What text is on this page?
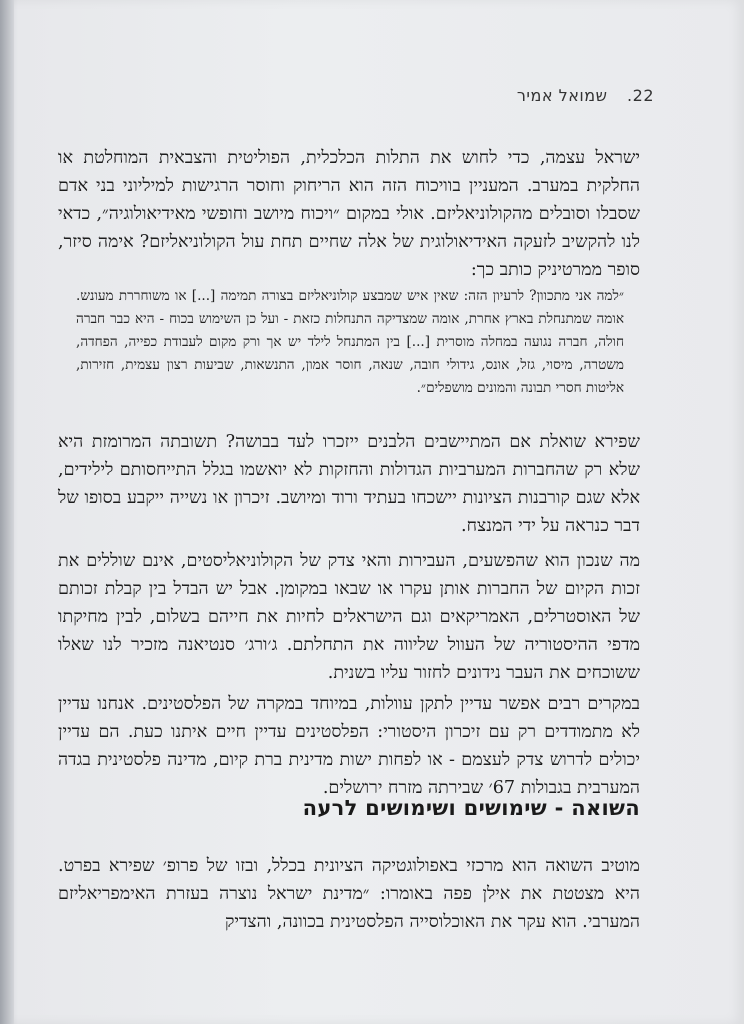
22. שמואל אמיר

ישראל עצמה, כדי לחוש את התלות הכלכלית, הפוליטית והצבאית המוחלטת או החלקית במערב. המעניין בוויכוח הזה הוא הריחוק וחוסר הרגישות למיליוני בני אדם שסבלו וסובלים מהקולוניאליזם. אולי במקום ״ויכוח מיושב וחופשי מאידיאולוגיה״, כדאי לנו להקשיב לזעקה האידיאולוגית של אלה שחיים תחת עול הקולוניאליזם? אימה סיזר, סופר ממרטיניק כותב כך:

״למה אני מתכוון? לרעיון הזה: שאין איש שמבצע קולוניאליזם בצורה תמימה [...] או משוחררת מעונש. אומה שמתנחלת בארץ אחרת, אומה שמצדיקה התנחלות כזאת - ועל כן השימוש בכוח - היא כבר חברה חולה, חברה נגועה במחלה מוסרית [...] בין המתנחל לילד יש אך ורק מקום לעבודת כפייה, הפחדה, משטרה, מיסוי, גזל, אונס, גידולי חובה, שנאה, חוסר אמון, התנשאות, שביעות רצון עצמית, חזירות, אליטות חסרי תבונה והמונים מושפלים״.

שפירא שואלת אם המתיישבים הלבנים ייזכרו לעד בבושה? תשובתה המרומזת היא שלא רק שהחברות המערביות הגדולות והחזקות לא יואשמו בגלל התייחסותם לילידים, אלא שגם קורבנות הציונות יישכחו בעתיד ורוד ומיושב. זיכרון או נשייה ייקבע בסופו של דבר כנראה על ידי המנצח.

מה שנכון הוא שהפשעים, העבירות והאי צדק של הקולוניאליסטים, אינם שוללים את זכות הקיום של החברות אותן עקרו או שבאו במקומן. אבל יש הבדל בין קבלת זכותם של האוסטרלים, האמריקאים וגם הישראלים לחיות את חייהם בשלום, לבין מחיקתו מדפי ההיסטוריה של העוול שליווה את התחלתם. ג׳ורג׳ סנטיאנה מזכיר לנו שאלו ששוכחים את העבר נידונים לחזור עליו בשנית.

במקרים רבים אפשר עדיין לתקן עוולות, במיוחד במקרה של הפלסטינים. אנחנו עדיין לא מתמודדים רק עם זיכרון היסטורי: הפלסטינים עדיין חיים איתנו כעת. הם עדיין יכולים לדרוש צדק לעצמם - או לפחות ישות מדינית ברת קיום, מדינה פלסטינית בגדה המערבית בגבולות 67׳ שבירתה מזרח ירושלים.

השואה - שימושים ושימושים לרעה

מוטיב השואה הוא מרכזי באפולוגטיקה הציונית בכלל, ובזו של פרופ׳ שפירא בפרט. היא מצטטת את אילן פפה באומרו: ״מדינת ישראל נוצרה בעזרת האימפריאליזם המערבי. הוא עקר את האוכלוסייה הפלסטינית בכוונה, והצדיק
